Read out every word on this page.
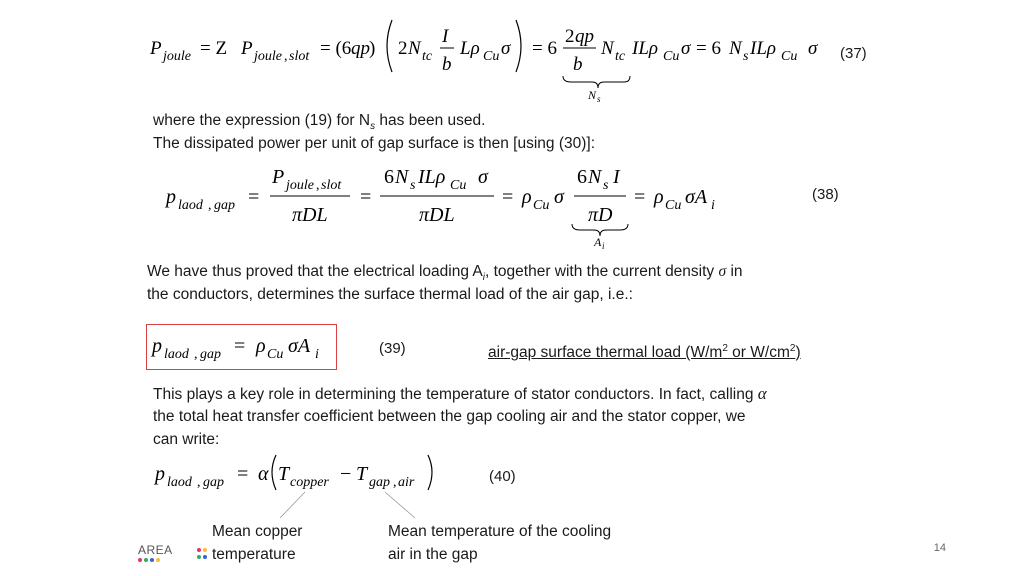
P joule = Z P joule , slot = (6 qp ) 2 N tc
I
b
Lρ Cu σ = 6
2 qp
b
N tc ILρ Cu σ = 6 N s ILρ Cu σ
N s
(37)
where the expression (19) for $N_s$ has been used.
The dissipated power per unit of gap surface is then [using (30)]:
p laod , gap =
P joule , slot
πDL
=
6 N s ILρ Cu σ
πDL
= ρ Cu σ
6 N s I
πD
= ρ Cu σA i
A i
(38)
We have thus proved that the electrical loading $A_i$, together with the current density σ in
the conductors, determines the surface thermal load of the air gap, i.e.:
p laod , gap = ρ Cu σA i	(39)	air-gap surface thermal load ($W/m^2$ or $W/cm^2$)
This plays a key role in determining the temperature of stator conductors. In fact, calling α
the total heat transfer coefficient between the gap cooling air and the stator copper, we
can write:
p laod , gap = α T copper − T gap , air	(40)
Mean copper
temperature
Mean temperature of the cooling
air in the gap
AREA	14
